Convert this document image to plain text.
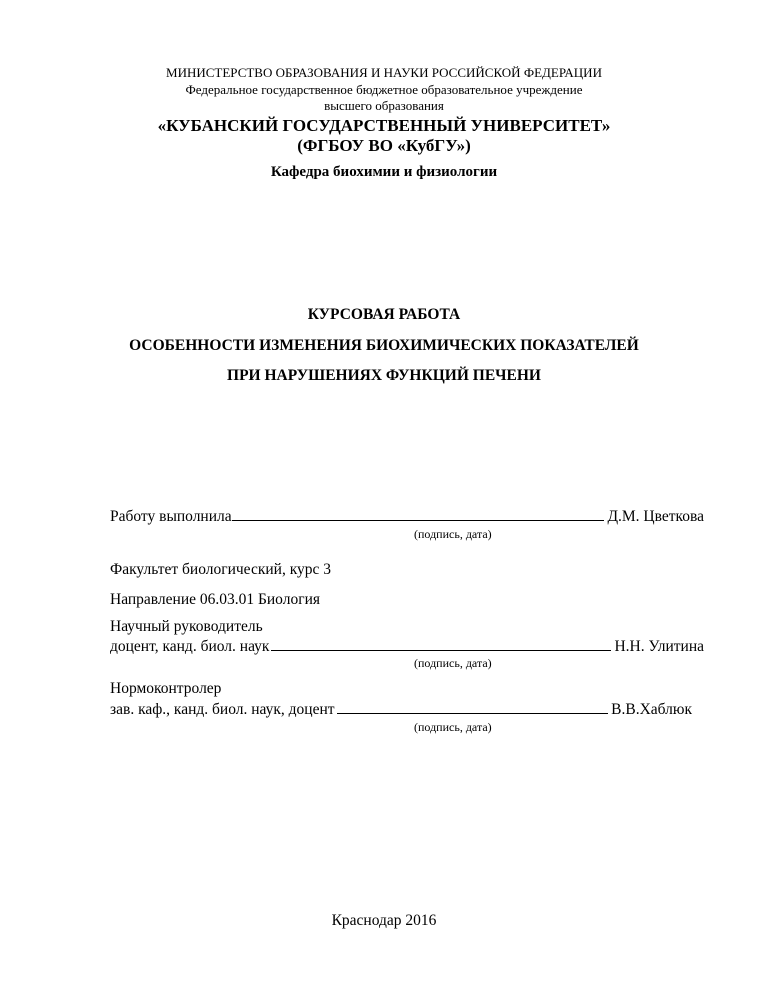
МИНИСТЕРСТВО ОБРАЗОВАНИЯ И НАУКИ РОССИЙСКОЙ ФЕДЕРАЦИИ
Федеральное государственное бюджетное образовательное учреждение
высшего образования
«КУБАНСКИЙ ГОСУДАРСТВЕННЫЙ УНИВЕРСИТЕТ»
(ФГБОУ ВО «КубГУ»)
Кафедра биохимии и физиологии
КУРСОВАЯ РАБОТА
ОСОБЕННОСТИ ИЗМЕНЕНИЯ БИОХИМИЧЕСКИХ ПОКАЗАТЕЛЕЙ
ПРИ НАРУШЕНИЯХ ФУНКЦИЙ ПЕЧЕНИ
Работу выполнила	Д.М. Цветкова
(подпись, дата)
Факультет биологический, курс 3
Направление 06.03.01 Биология
Научный руководитель
доцент, канд. биол. наук	Н.Н. Улитина
(подпись, дата)
Нормоконтролер
зав. каф., канд. биол. наук, доцент	В.В.Хаблюк
(подпись, дата)
Краснодар 2016
